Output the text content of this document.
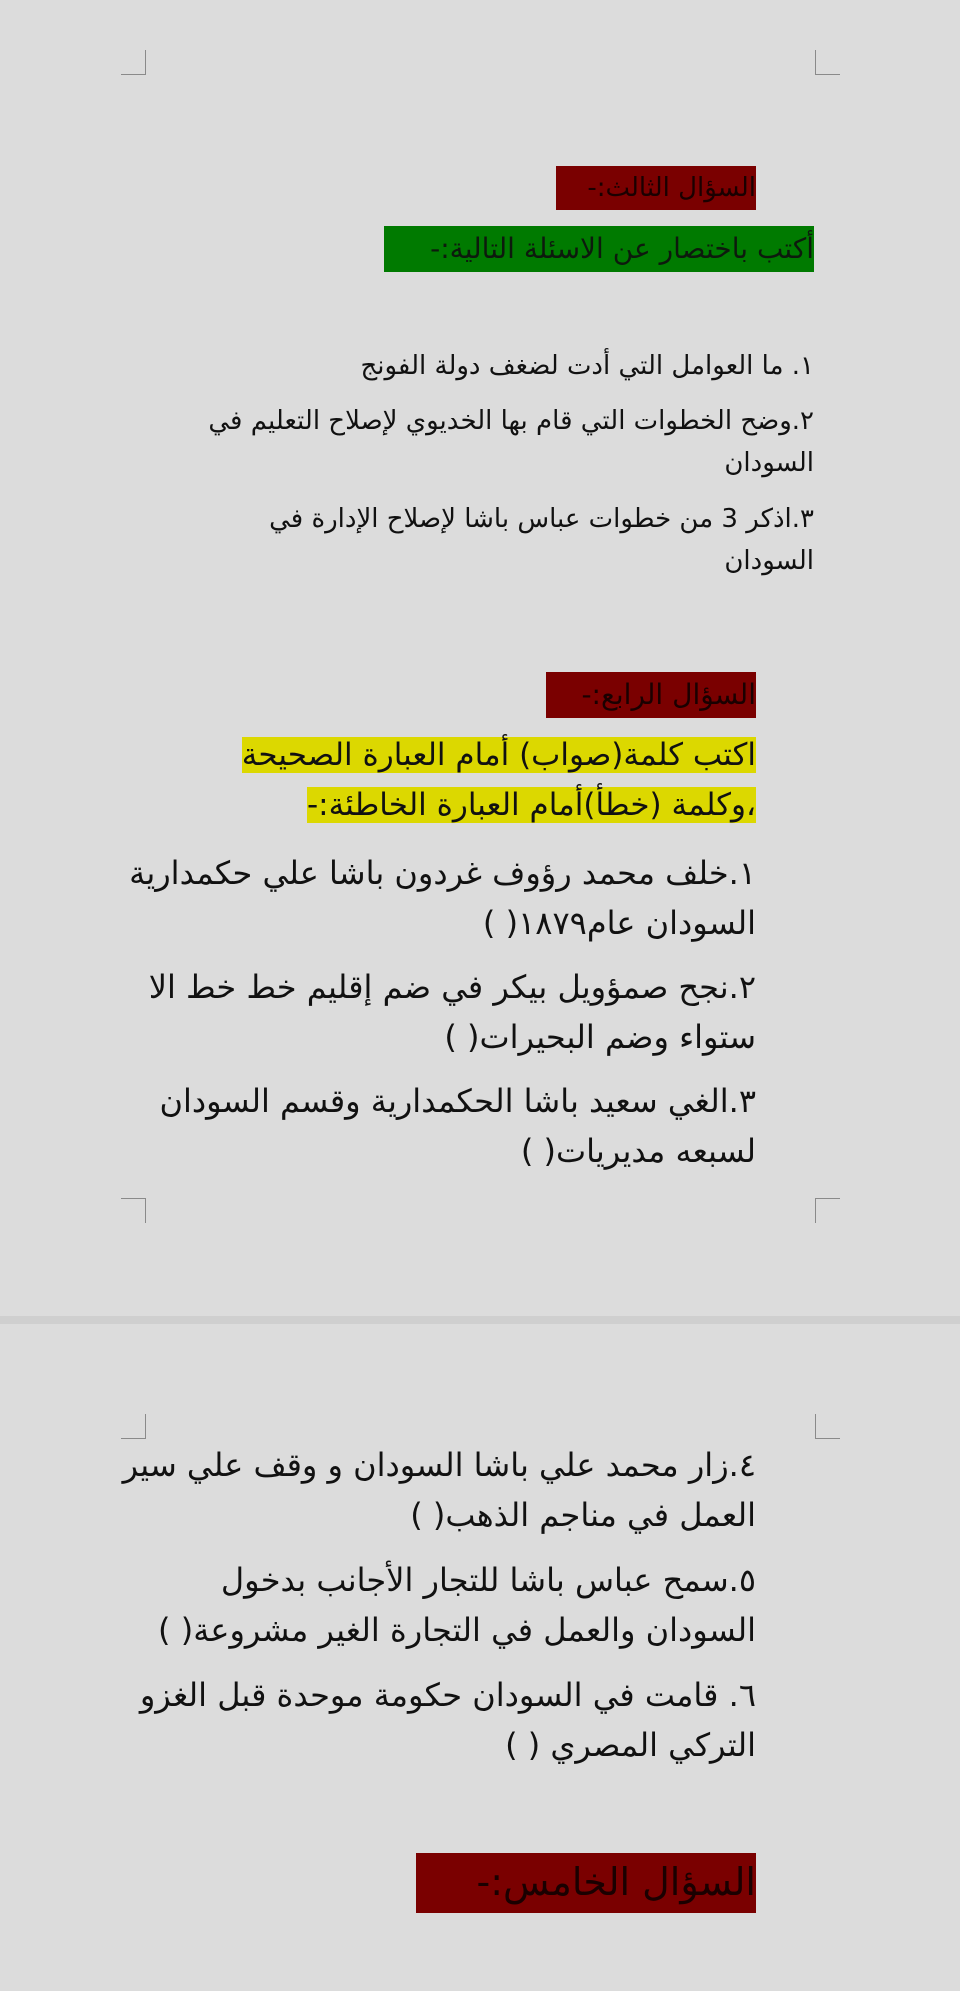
السؤال الثالث:-
أكتب باختصار عن الاسئلة التالية:-
١. ما العوامل التي أدت لضغف دولة الفونج
٢.وضح الخطوات التي قام بها الخديوي لإصلاح التعليم في السودان
٣.اذكر 3 من خطوات عباس باشا لإصلاح الإدارة في السودان
السؤال الرابع:-
اكتب كلمة(صواب) أمام العبارة الصحيحة ،وكلمة (خطأ)أمام العبارة الخاطئة:-
١.خلف محمد رؤوف غردون باشا علي حكمدارية السودان عام١٨٧٩( )
٢.نجح صمؤويل بيكر في ضم إقليم خط خط الا ستواء وضم البحيرات( )
٣.الغي سعيد باشا الحكمدارية وقسم السودان لسبعه مديريات( )
٤.زار محمد علي باشا السودان و وقف علي سير العمل في مناجم الذهب( )
٥.سمح عباس باشا للتجار الأجانب بدخول السودان والعمل في التجارة الغير مشروعة( )
٦. قامت في السودان حكومة موحدة قبل الغزو التركي المصري ( )
السؤال الخامس:-
